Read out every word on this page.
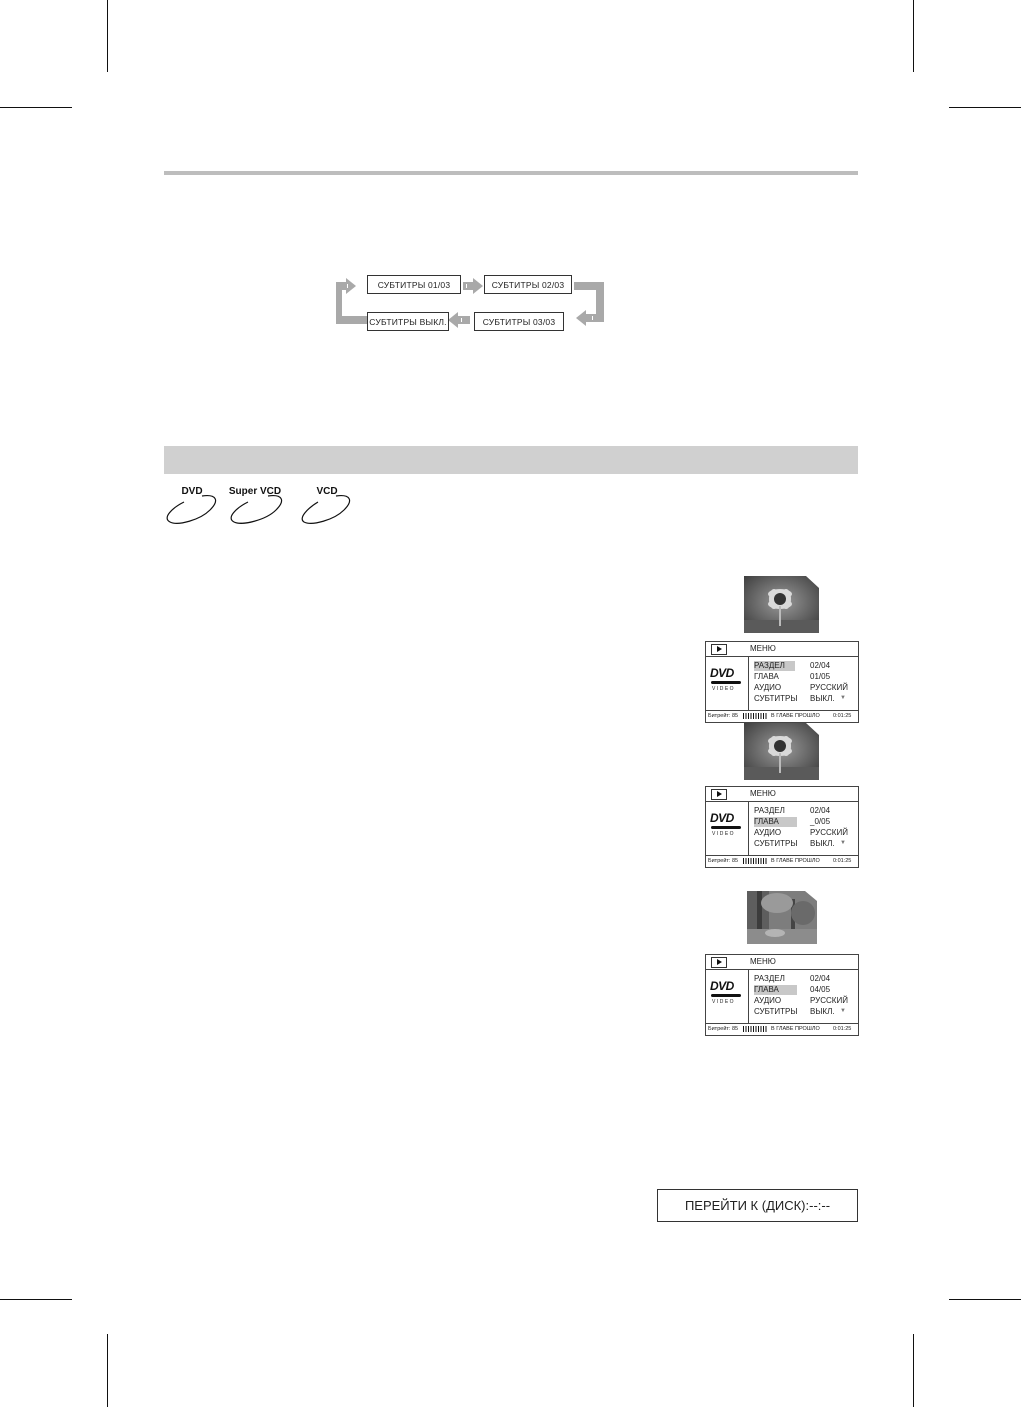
СУБТИТРЫ 01/03	СУБТИТРЫ 02/03
СУБТИТРЫ 03/03
СУБТИТРЫ ВЫКЛ.
DVD	Super VCD	VCD
МЕНЮ
DVD
VIDEO
РАЗДЕЛ	02/04
ГЛАВА	01/05
АУДИО	РУССКИЙ
СУБТИТРЫ ВЫКЛ. ▼
Битрейт: 85	В ГЛАВЕ ПРОШЛО 0:01:25
МЕНЮ
DVD
VIDEO
РАЗДЕЛ	02/04
ГЛАВА	_0/05
АУДИО	РУССКИЙ
СУБТИТРЫ ВЫКЛ. ▼
Битрейт: 85	В ГЛАВЕ ПРОШЛО 0:01:25
МЕНЮ
DVD
VIDEO
РАЗДЕЛ	02/04
ГЛАВА	04/05
АУДИО	РУССКИЙ
СУБТИТРЫ ВЫКЛ. ▼
Битрейт: 85	В ГЛАВЕ ПРОШЛО 0:01:25
ПЕРЕЙТИ К (ДИСК):--:--
